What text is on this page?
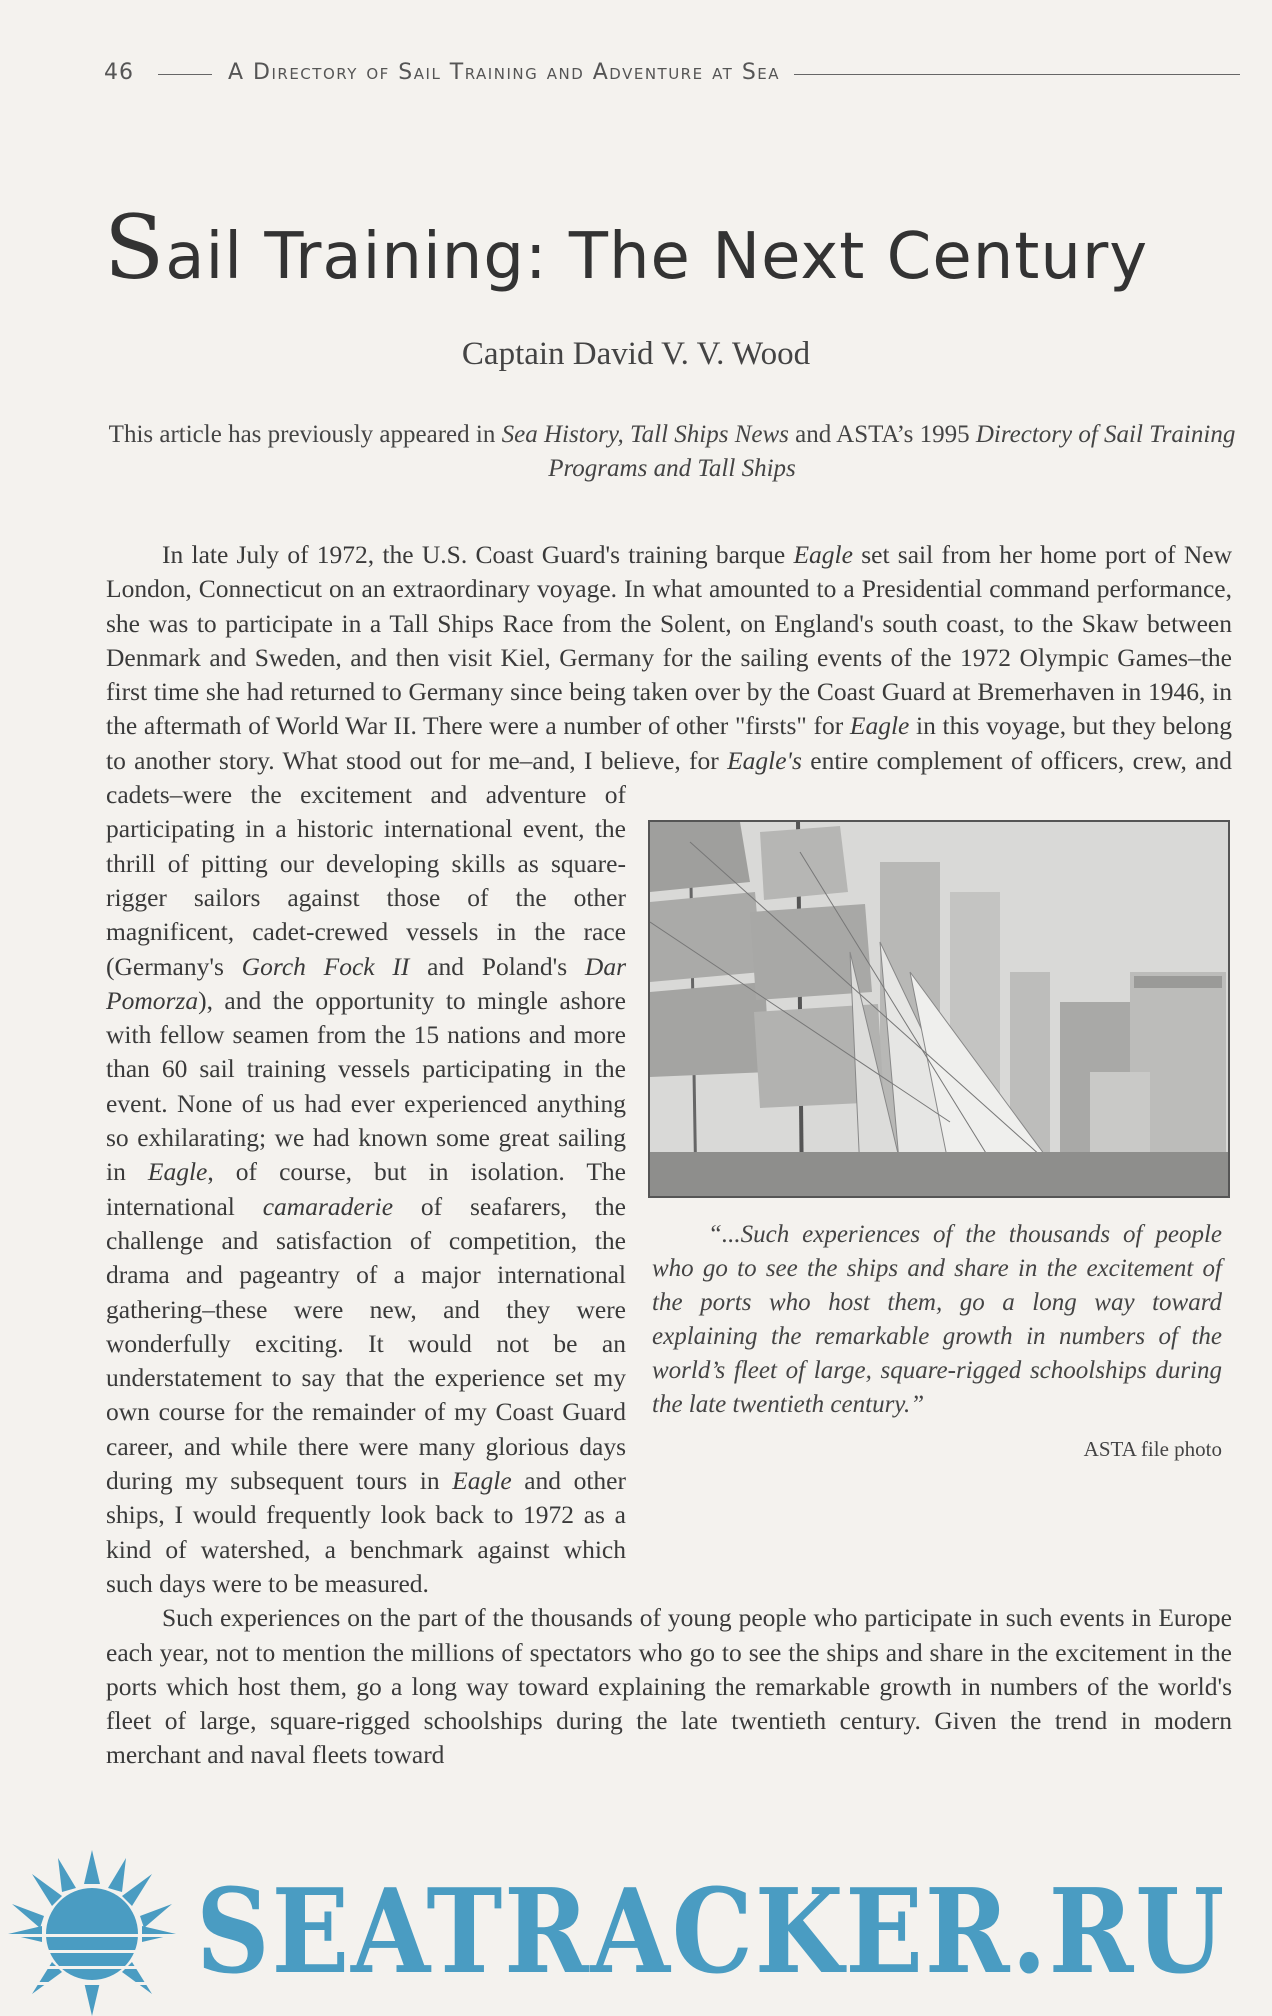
46	A Directory of Sail Training and Adventure at Sea
Sail Training: The Next Century
Captain David V. V. Wood
This article has previously appeared in Sea History, Tall Ships News and ASTA’s 1995 Directory of Sail Training Programs and Tall Ships

In late July of 1972, the U.S. Coast Guard's training barque Eagle set sail from her home port of New London, Connecticut on an extraordinary voyage. In what amounted to a Presidential command performance, she was to participate in a Tall Ships Race from the Solent, on England's south coast, to the Skaw between Denmark and Sweden, and then visit Kiel, Germany for the sailing events of the 1972 Olympic Games–the first time she had returned to Germany since being taken over by the Coast Guard at Bremerhaven in 1946, in the aftermath of World War II. There were a number of other "firsts" for Eagle in this voyage, but they belong to another story. What stood out for me–and, I believe, for
“...Such experiences of the thousands of people who go to see the ships and share in the excitement of the ports who host them, go a long way toward explaining the remarkable growth in numbers of the world’s fleet of large, square-rigged schoolships during the late twentieth century.”
ASTA file photo
Eagle's entire complement of officers, crew, and cadets–were the excitement and adventure of participating in a historic international event, the thrill of pitting our developing skills as square-rigger sailors against those of the other magnificent, cadet-crewed vessels in the race (Germany's Gorch Fock II and Poland's Dar Pomorza), and the opportunity to mingle ashore with fellow seamen from the 15 nations and more than 60 sail training vessels participating in the event. None of us had ever experienced anything so exhilarating; we had known some great sailing in Eagle, of course, but in isolation. The international camaraderie of seafarers, the challenge and satisfaction of competition, the drama and pageantry of a major international gathering–these were new, and they were wonderfully exciting. It would not be an understatement to say that the experience set my own course for the remainder of my Coast Guard career, and while there were many glorious days during my subsequent tours in Eagle and other ships, I would frequently look back to 1972 as a kind of watershed, a benchmark against which such days were to be measured.

Such experiences on the part of the thousands of young people who participate in such events in Europe each year, not to mention the millions of spectators who go to see the ships and share in the excitement in the ports which host them, go a long way toward explaining the remarkable growth in numbers of the world's fleet of large, square-rigged schoolships during the late twentieth century. Given the trend in modern merchant and naval fleets toward

SEATRACKER.RU
